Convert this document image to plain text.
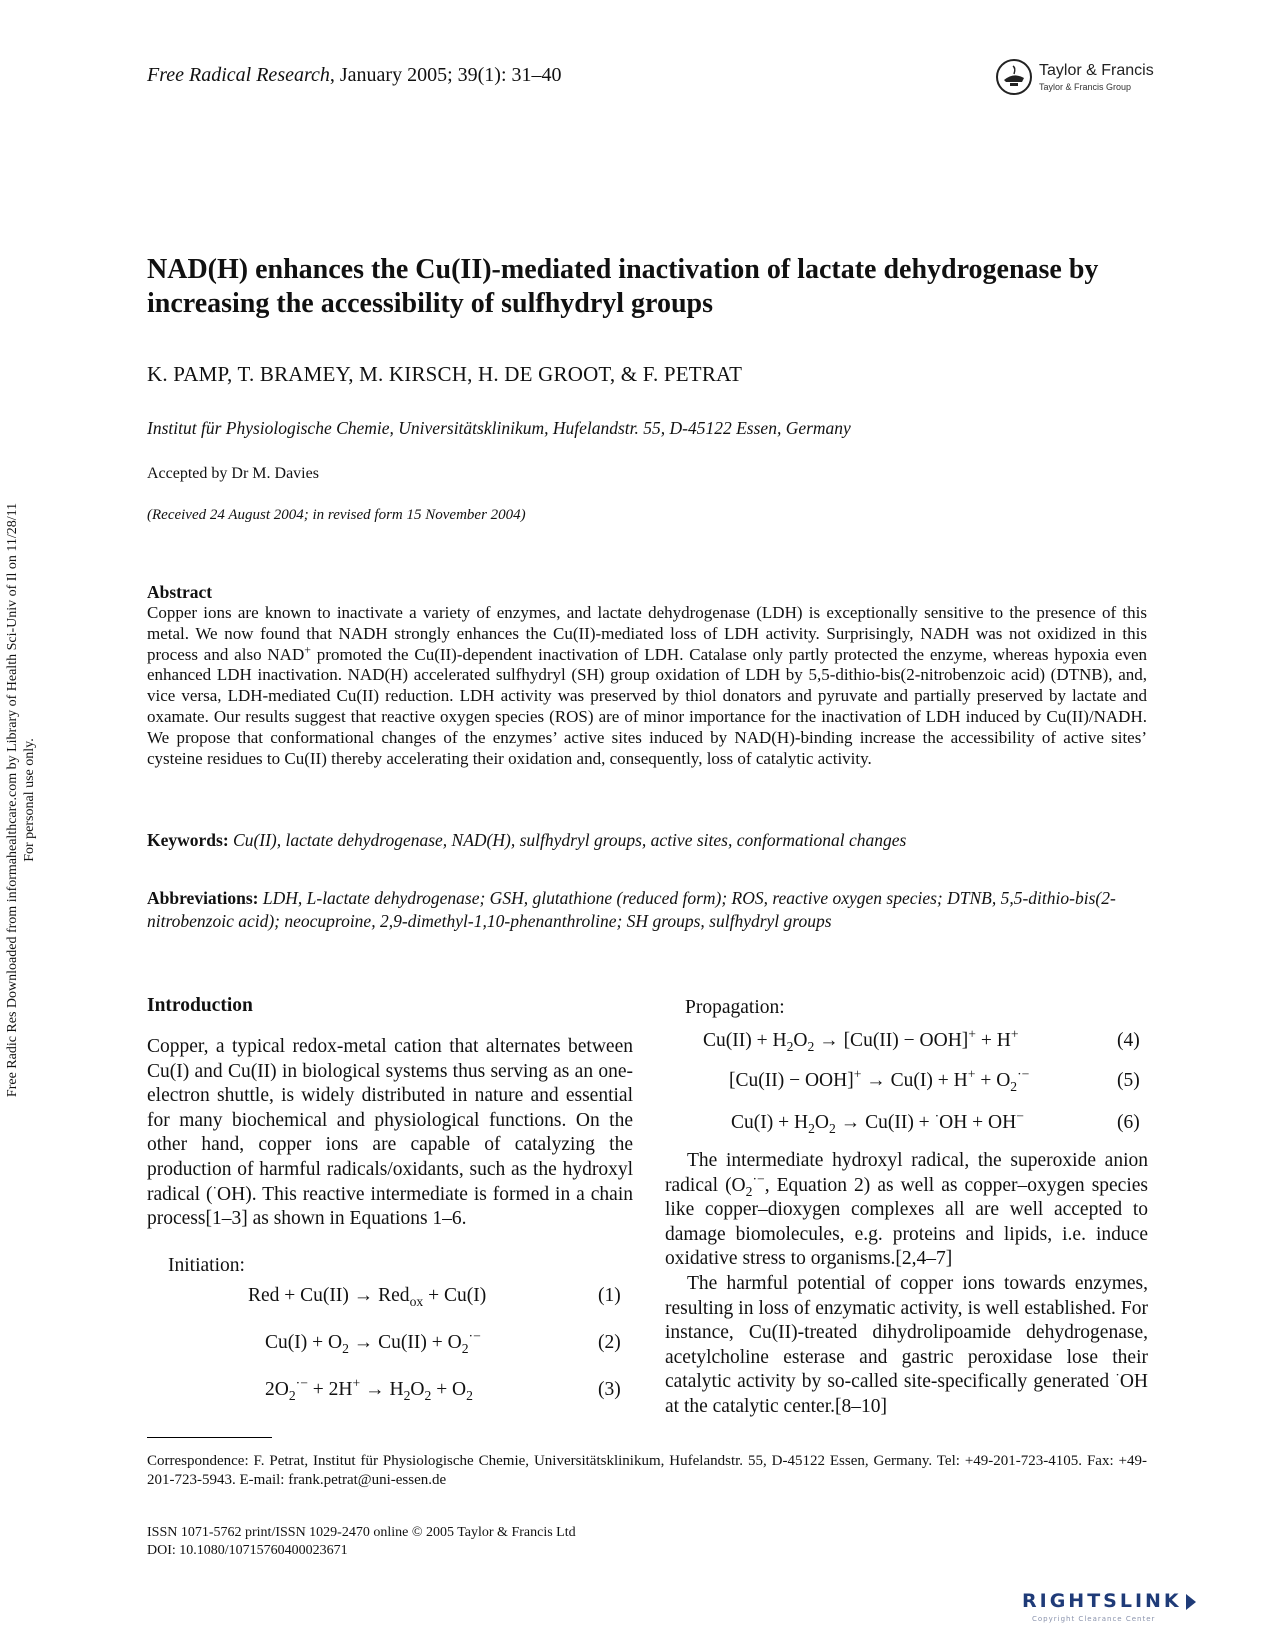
Free Radical Research, January 2005; 39(1): 31–40	Taylor & Francis
Taylor & Francis Group
Free Radic Res Downloaded from informahealthcare.com by Library of Health Sci-Univ of Il on 11/28/11 For personal use only.
NAD(H) enhances the Cu(II)-mediated inactivation of lactate dehydrogenase by increasing the accessibility of sulfhydryl groups
K. PAMP, T. BRAMEY, M. KIRSCH, H. DE GROOT, & F. PETRAT
Institut für Physiologische Chemie, Universitätsklinikum, Hufelandstr. 55, D-45122 Essen, Germany
Accepted by Dr M. Davies
(Received 24 August 2004; in revised form 15 November 2004)
Abstract
Copper ions are known to inactivate a variety of enzymes, and lactate dehydrogenase (LDH) is exceptionally sensitive to the presence of this metal. We now found that NADH strongly enhances the Cu(II)-mediated loss of LDH activity. Surprisingly, NADH was not oxidized in this process and also NAD+ promoted the Cu(II)-dependent inactivation of LDH. Catalase only partly protected the enzyme, whereas hypoxia even enhanced LDH inactivation. NAD(H) accelerated sulfhydryl (SH) group oxidation of LDH by 5,5-dithio-bis(2-nitrobenzoic acid) (DTNB), and, vice versa, LDH-mediated Cu(II) reduction. LDH activity was preserved by thiol donators and pyruvate and partially preserved by lactate and oxamate. Our results suggest that reactive oxygen species (ROS) are of minor importance for the inactivation of LDH induced by Cu(II)/NADH. We propose that conformational changes of the enzymes’ active sites induced by NAD(H)-binding increase the accessibility of active sites’ cysteine residues to Cu(II) thereby accelerating their oxidation and, consequently, loss of catalytic activity.
Keywords: Cu(II), lactate dehydrogenase, NAD(H), sulfhydryl groups, active sites, conformational changes
Abbreviations: LDH, L-lactate dehydrogenase; GSH, glutathione (reduced form); ROS, reactive oxygen species; DTNB, 5,5-dithio-bis(2-nitrobenzoic acid); neocuproine, 2,9-dimethyl-1,10-phenanthroline; SH groups, sulfhydryl groups
Introduction
Copper, a typical redox-metal cation that alternates between Cu(I) and Cu(II) in biological systems thus serving as an one-electron shuttle, is widely distributed in nature and essential for many biochemical and physiological functions. On the other hand, copper ions are capable of catalyzing the production of harmful radicals/oxidants, such as the hydroxyl radical (·OH). This reactive intermediate is formed in a chain process[1–3] as shown in Equations 1–6.
Initiation:
Red + Cu(II) → Red$_{ox}$ + Cu(I)	(1)
$Cu(I) + O_2 \to Cu(II) + O_2^{\cdot-}$	(2)
$2O_2^{\cdot-} + 2H^+ \to H_2O_2 + O_2$	(3)
Propagation:
$Cu(II) + H_2O_2 \to [Cu(II) - OOH]^+ + H^+$	(4)
$[Cu(II) - OOH]^+ \to Cu(I) + H^+ + O_2^{\cdot-}$	(5)
$Cu(I) + H_2O_2 \to Cu(II) + ^\cdot OH + OH^-$	(6)
The intermediate hydroxyl radical, the superoxide anion radical ($O_2^{\cdot-}$, Equation 2) as well as copper–oxygen species like copper–dioxygen complexes all are well accepted to damage biomolecules, e.g. proteins and lipids, i.e. induce oxidative stress to organisms.[2,4–7]
The harmful potential of copper ions towards enzymes, resulting in loss of enzymatic activity, is well established. For instance, Cu(II)-treated dihydrolipoamide dehydrogenase, acetylcholine esterase and gastric peroxidase lose their catalytic activity by so-called site-specifically generated ·OH at the catalytic center.[8–10]
Correspondence: F. Petrat, Institut für Physiologische Chemie, Universitätsklinikum, Hufelandstr. 55, D-45122 Essen, Germany. Tel: +49-201-723-4105. Fax: +49-201-723-5943. E-mail: frank.petrat@uni-essen.de
ISSN 1071-5762 print/ISSN 1029-2470 online © 2005 Taylor & Francis Ltd
DOI: 10.1080/10715760400023671
RIGHTSLINK
Copyright Clearance Center
